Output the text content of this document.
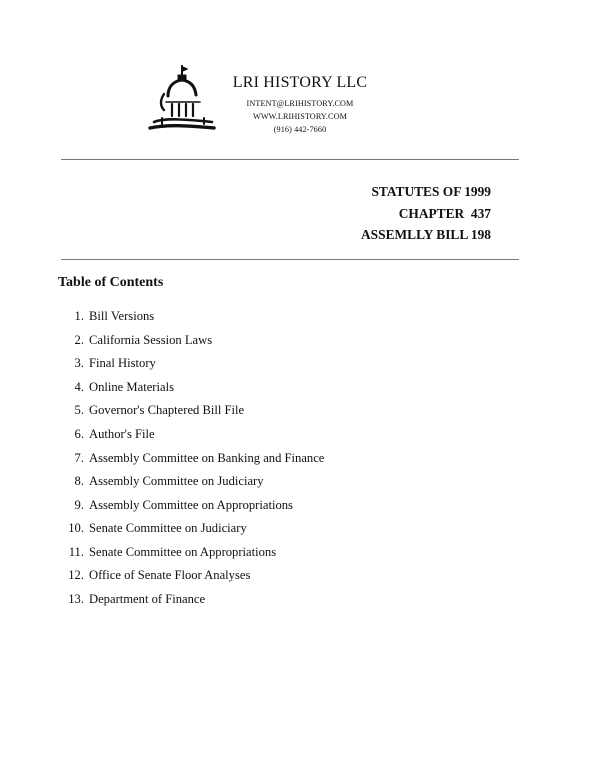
LRI HISTORY LLC
INTENT@LRIHISTORY.COM
WWW.LRIHISTORY.COM
(916) 442-7660
STATUTES OF 1999
CHAPTER  437
ASSEMLLY BILL 198
Table of Contents
1. Bill Versions
2. California Session Laws
3. Final History
4. Online Materials
5. Governor's Chaptered Bill File
6. Author's File
7. Assembly Committee on Banking and Finance
8. Assembly Committee on Judiciary
9. Assembly Committee on Appropriations
10. Senate Committee on Judiciary
11. Senate Committee on Appropriations
12. Office of Senate Floor Analyses
13. Department of Finance
